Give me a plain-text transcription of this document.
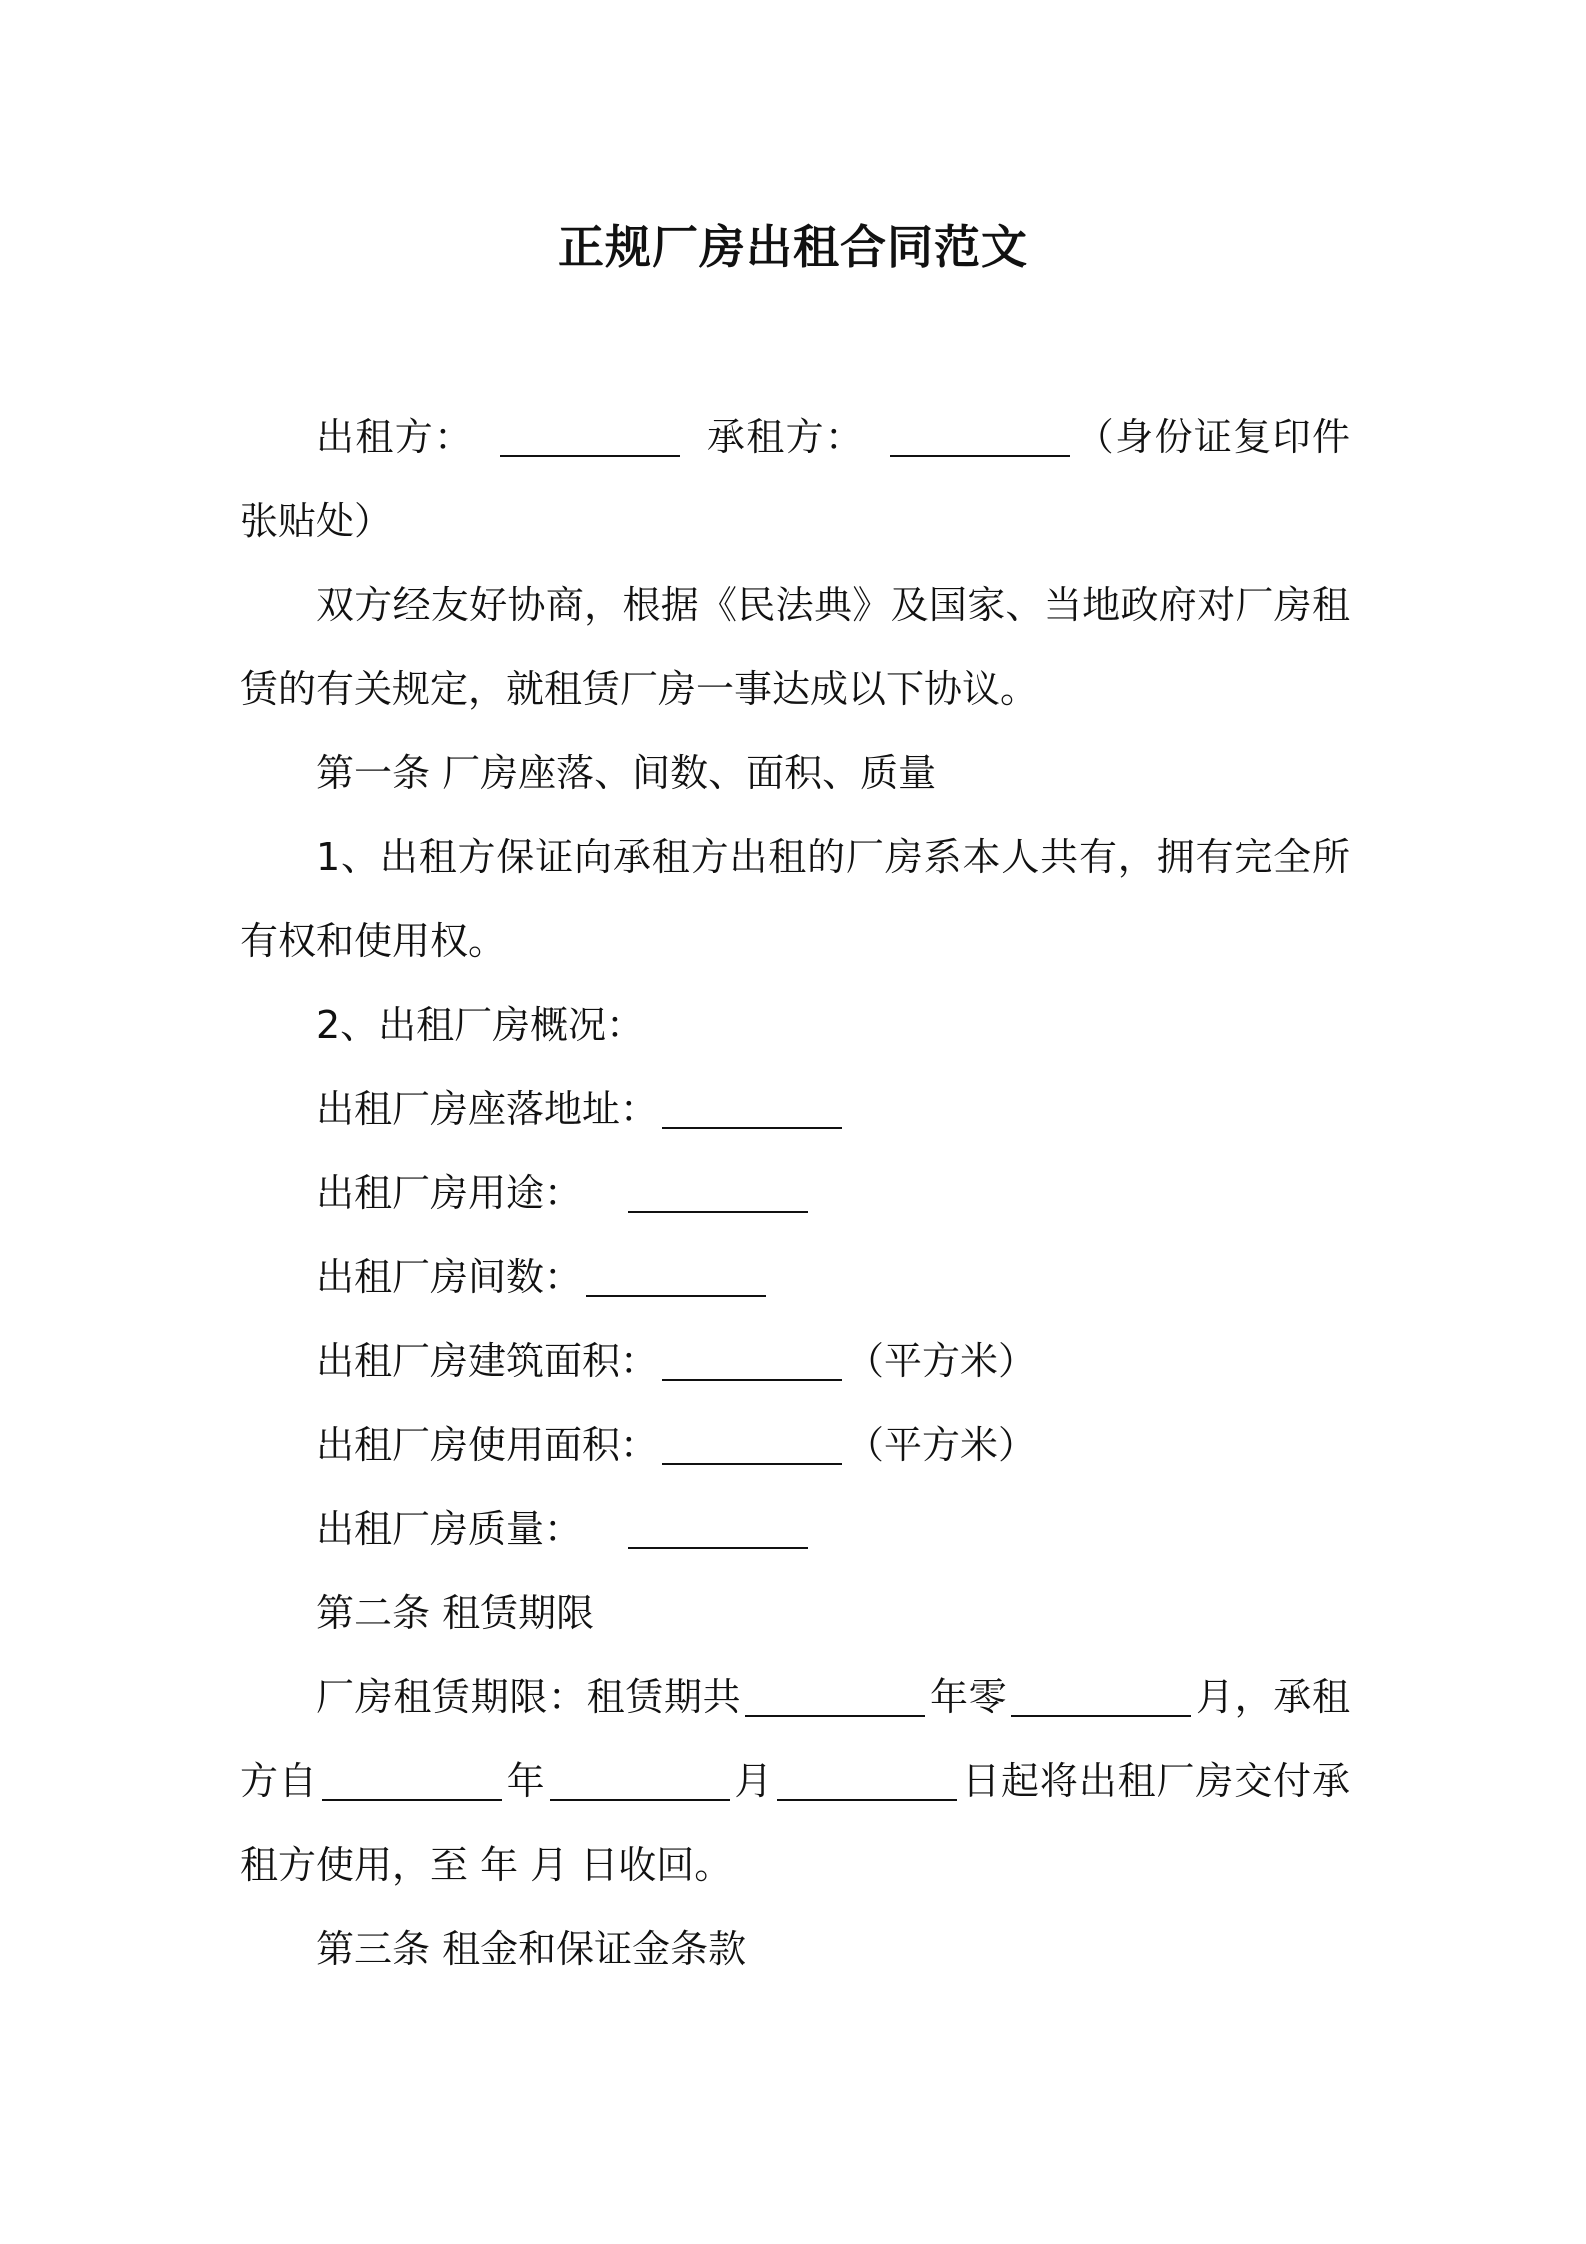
正规厂房出租合同范文

出租方：	承租方：	（身份证复印件张贴处）

双方经友好协商，根据《民法典》及国家、当地政府对厂房租赁的有关规定，就租赁厂房一事达成以下协议。

第一条 厂房座落、间数、面积、质量

1、出租方保证向承租方出租的厂房系本人共有，拥有完全所有权和使用权。

2、出租厂房概况：

出租厂房座落地址：

出租厂房用途：

出租厂房间数：

出租厂房建筑面积：	（平方米）

出租厂房使用面积：	（平方米）

出租厂房质量：

第二条 租赁期限

厂房租赁期限：租赁期共	年零	月，承租方自	年	月	日起将出租厂房交付承租方使用，至 年 月 日收回。

第三条 租金和保证金条款
